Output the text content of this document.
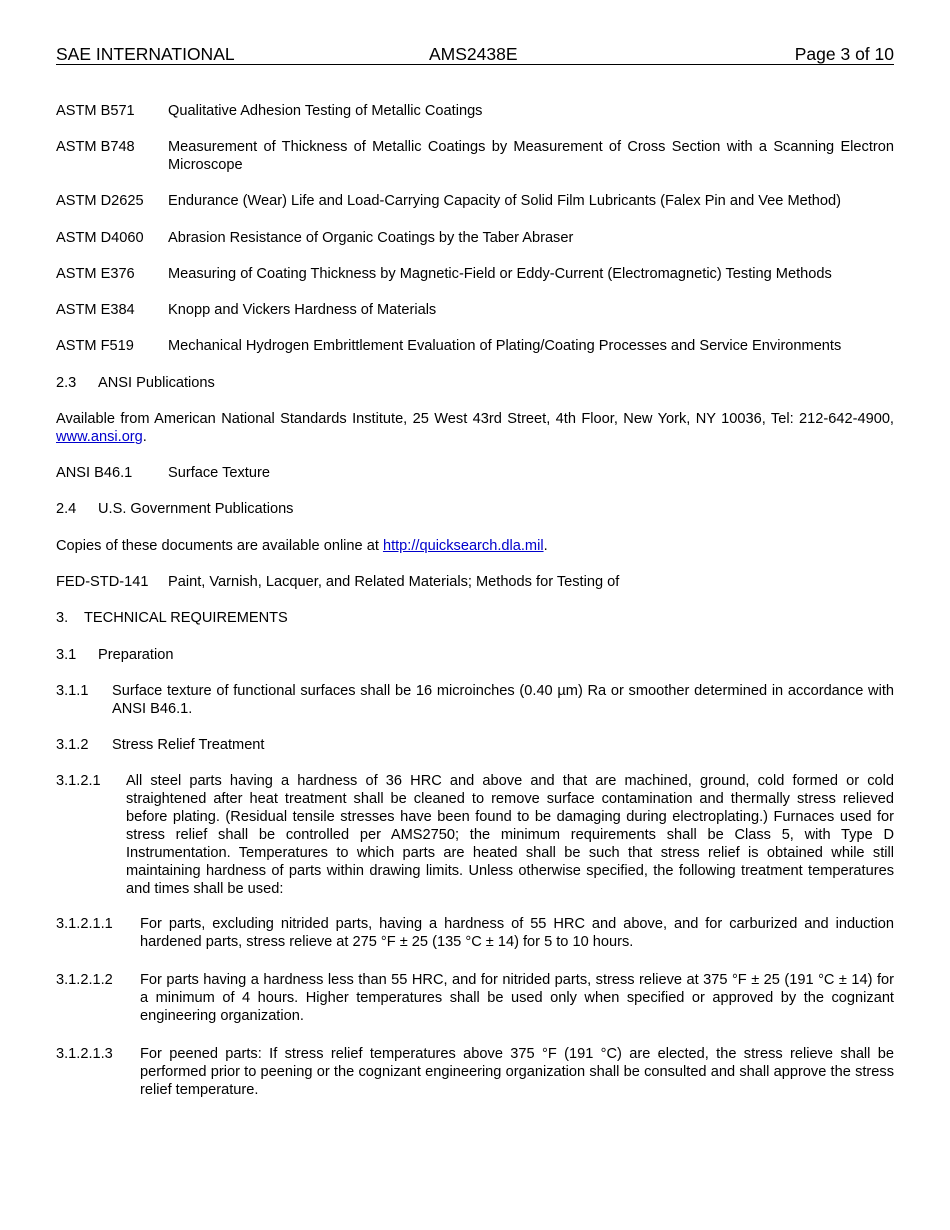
SAE INTERNATIONAL	AMS2438E	Page 3 of 10
ASTM B571 Qualitative Adhesion Testing of Metallic Coatings
ASTM B748 Measurement of Thickness of Metallic Coatings by Measurement of Cross Section with a Scanning Electron Microscope
ASTM D2625 Endurance (Wear) Life and Load-Carrying Capacity of Solid Film Lubricants (Falex Pin and Vee Method)
ASTM D4060 Abrasion Resistance of Organic Coatings by the Taber Abraser
ASTM E376 Measuring of Coating Thickness by Magnetic-Field or Eddy-Current (Electromagnetic) Testing Methods
ASTM E384 Knopp and Vickers Hardness of Materials
ASTM F519 Mechanical Hydrogen Embrittlement Evaluation of Plating/Coating Processes and Service Environments
2.3 ANSI Publications
Available from American National Standards Institute, 25 West 43rd Street, 4th Floor, New York, NY 10036, Tel: 212-642-4900, www.ansi.org.
ANSI B46.1 Surface Texture
2.4 U.S. Government Publications
Copies of these documents are available online at http://quicksearch.dla.mil.
FED-STD-141 Paint, Varnish, Lacquer, and Related Materials; Methods for Testing of
3. TECHNICAL REQUIREMENTS
3.1 Preparation
3.1.1 Surface texture of functional surfaces shall be 16 microinches (0.40 µm) Ra or smoother determined in accordance with ANSI B46.1.
3.1.2 Stress Relief Treatment
3.1.2.1 All steel parts having a hardness of 36 HRC and above and that are machined, ground, cold formed or cold straightened after heat treatment shall be cleaned to remove surface contamination and thermally stress relieved before plating. (Residual tensile stresses have been found to be damaging during electroplating.) Furnaces used for stress relief shall be controlled per AMS2750; the minimum requirements shall be Class 5, with Type D Instrumentation. Temperatures to which parts are heated shall be such that stress relief is obtained while still maintaining hardness of parts within drawing limits. Unless otherwise specified, the following treatment temperatures and times shall be used:
3.1.2.1.1 For parts, excluding nitrided parts, having a hardness of 55 HRC and above, and for carburized and induction hardened parts, stress relieve at 275 °F ± 25 (135 °C ± 14) for 5 to 10 hours.
3.1.2.1.2 For parts having a hardness less than 55 HRC, and for nitrided parts, stress relieve at 375 °F ± 25 (191 °C ± 14) for a minimum of 4 hours. Higher temperatures shall be used only when specified or approved by the cognizant engineering organization.
3.1.2.1.3 For peened parts: If stress relief temperatures above 375 °F (191 °C) are elected, the stress relieve shall be performed prior to peening or the cognizant engineering organization shall be consulted and shall approve the stress relief temperature.
